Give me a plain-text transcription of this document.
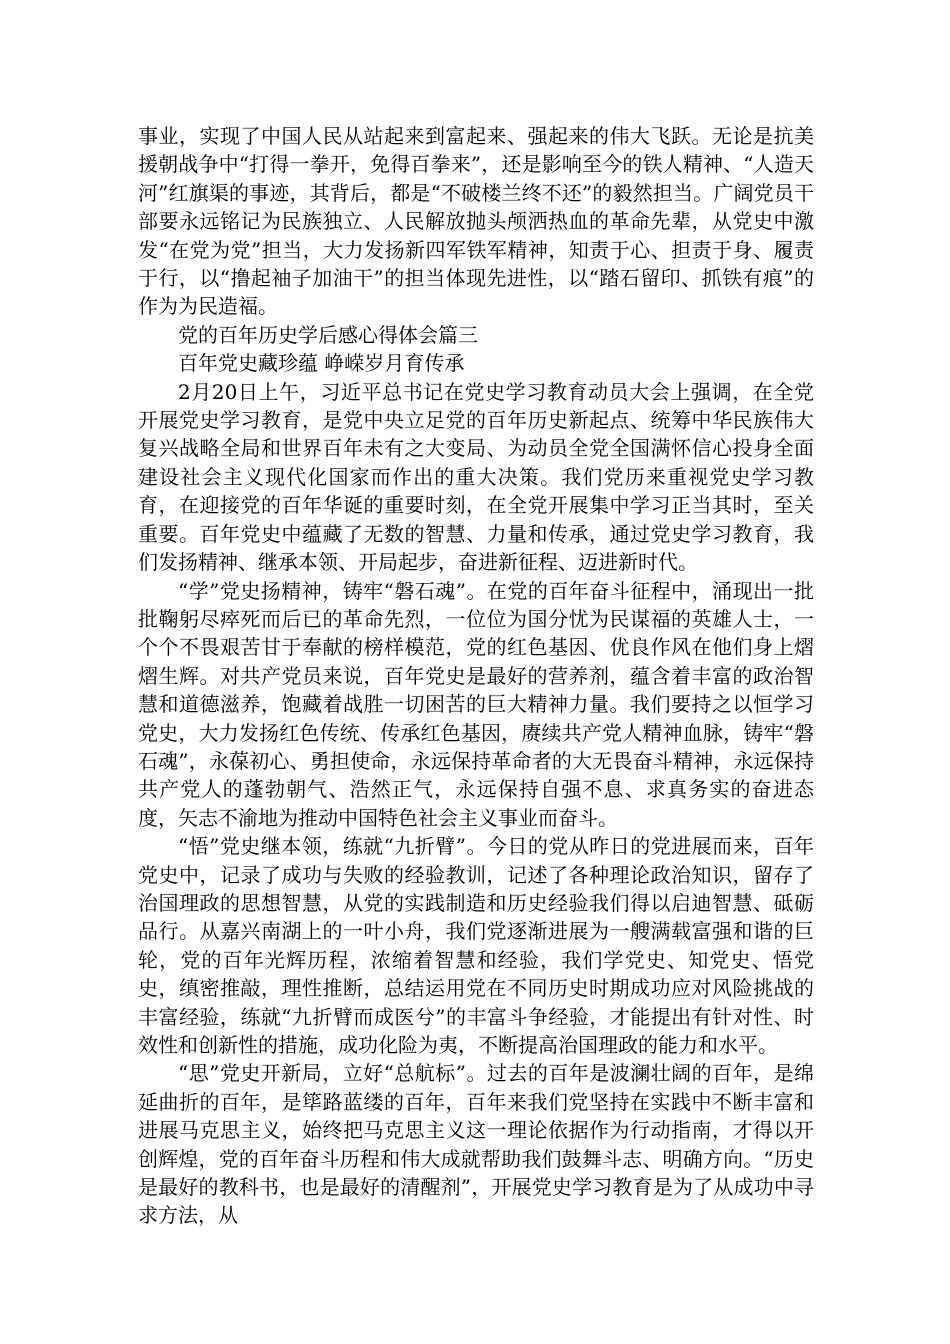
事业，实现了中国人民从站起来到富起来、强起来的伟大飞跃。无论是抗美援朝战争中“打得一拳开，免得百拳来”，还是影响至今的铁人精神、“人造天河”红旗渠的事迹，其背后，都是“不破楼兰终不还”的毅然担当。广阔党员干部要永远铭记为民族独立、人民解放抛头颅洒热血的革命先辈，从党史中激发“在党为党”担当，大力发扬新四军铁军精神，知责于心、担责于身、履责于行，以“撸起袖子加油干”的担当体现先进性，以“踏石留印、抓铁有痕”的作为为民造福。

党的百年历史学后感心得体会篇三

百年党史藏珍蕴 峥嵘岁月育传承

2月20日上午，习近平总书记在党史学习教育动员大会上强调，在全党开展党史学习教育，是党中央立足党的百年历史新起点、统筹中华民族伟大复兴战略全局和世界百年未有之大变局、为动员全党全国满怀信心投身全面建设社会主义现代化国家而作出的重大决策。我们党历来重视党史学习教育，在迎接党的百年华诞的重要时刻，在全党开展集中学习正当其时，至关重要。百年党史中蕴藏了无数的智慧、力量和传承，通过党史学习教育，我们发扬精神、继承本领、开局起步，奋进新征程、迈进新时代。

“学”党史扬精神，铸牢“磐石魂”。在党的百年奋斗征程中，涌现出一批批鞠躬尽瘁死而后已的革命先烈，一位位为国分忧为民谋福的英雄人士，一个个不畏艰苦甘于奉献的榜样模范，党的红色基因、优良作风在他们身上熠熠生辉。对共产党员来说，百年党史是最好的营养剂，蕴含着丰富的政治智慧和道德滋养，饱藏着战胜一切困苦的巨大精神力量。我们要持之以恒学习党史，大力发扬红色传统、传承红色基因，赓续共产党人精神血脉，铸牢“磐石魂”，永葆初心、勇担使命，永远保持革命者的大无畏奋斗精神，永远保持共产党人的蓬勃朝气、浩然正气，永远保持自强不息、求真务实的奋进态度，矢志不渝地为推动中国特色社会主义事业而奋斗。

“悟”党史继本领，练就“九折臂”。今日的党从昨日的党进展而来，百年党史中，记录了成功与失败的经验教训，记述了各种理论政治知识，留存了治国理政的思想智慧，从党的实践制造和历史经验我们得以启迪智慧、砥砺品行。从嘉兴南湖上的一叶小舟，我们党逐渐进展为一艘满载富强和谐的巨轮，党的百年光辉历程，浓缩着智慧和经验，我们学党史、知党史、悟党史，缜密推敲，理性推断，总结运用党在不同历史时期成功应对风险挑战的丰富经验，练就“九折臂而成医兮”的丰富斗争经验，才能提出有针对性、时效性和创新性的措施，成功化险为夷，不断提高治国理政的能力和水平。

“思”党史开新局，立好“总航标”。过去的百年是波澜壮阔的百年，是绵延曲折的百年，是筚路蓝缕的百年，百年来我们党坚持在实践中不断丰富和进展马克思主义，始终把马克思主义这一理论依据作为行动指南，才得以开创辉煌，党的百年奋斗历程和伟大成就帮助我们鼓舞斗志、明确方向。“历史是最好的教科书，也是最好的清醒剂”，开展党史学习教育是为了从成功中寻求方法，从
